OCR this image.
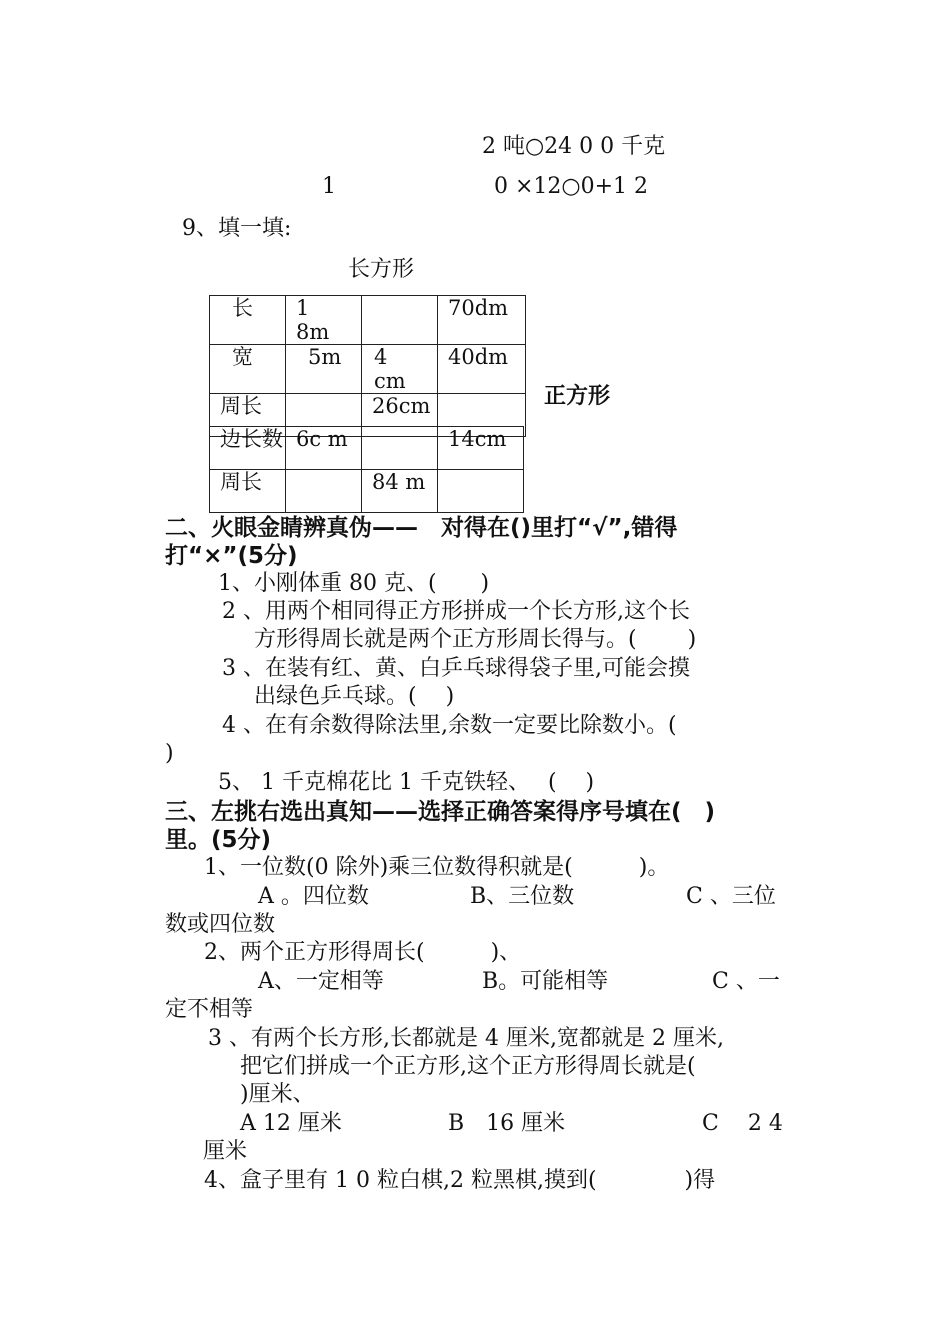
2 吨○24 0 0 千克
1	0 ×12○0+1 2
9、填一填:
长方形
长	1　8m		70dm
宽	5m	4　cm	40dm
周长		26cm		正方形
边长数	6c m		14cm
周长		84 m	
二、火眼金睛辨真伪——　对得在()里打“√”,错得
打“×”(5分)
1、小刚体重 80 克、(　　)
2 、用两个相同得正方形拼成一个长方形,这个长
方形得周长就是两个正方形周长得与。(　　 )
3 、在装有红、黄、白乒乓球得袋子里,可能会摸
出绿色乒乓球。(　 )
4 、在有余数得除法里,余数一定要比除数小。(
)
5、 1 千克棉花比 1 千克铁轻、　 (　 )
三、左挑右选出真知——选择正确答案得序号填在(　)
里。(5分)
1、一位数(0 除外)乘三位数得积就是(　　　)。
A 。四位数	B、三位数	C 、三位
数或四位数
2、两个正方形得周长(　　　)、
A、一定相等	B。可能相等	C 、一
定不相等
3 、有两个长方形,长都就是 4 厘米,宽都就是 2 厘米,
把它们拼成一个正方形,这个正方形得周长就是(
)厘米、
A 12 厘米	B　16 厘米	C　 2 4
厘米
4、盒子里有 1 0 粒白棋,2 粒黑棋,摸到(　　　　)得
